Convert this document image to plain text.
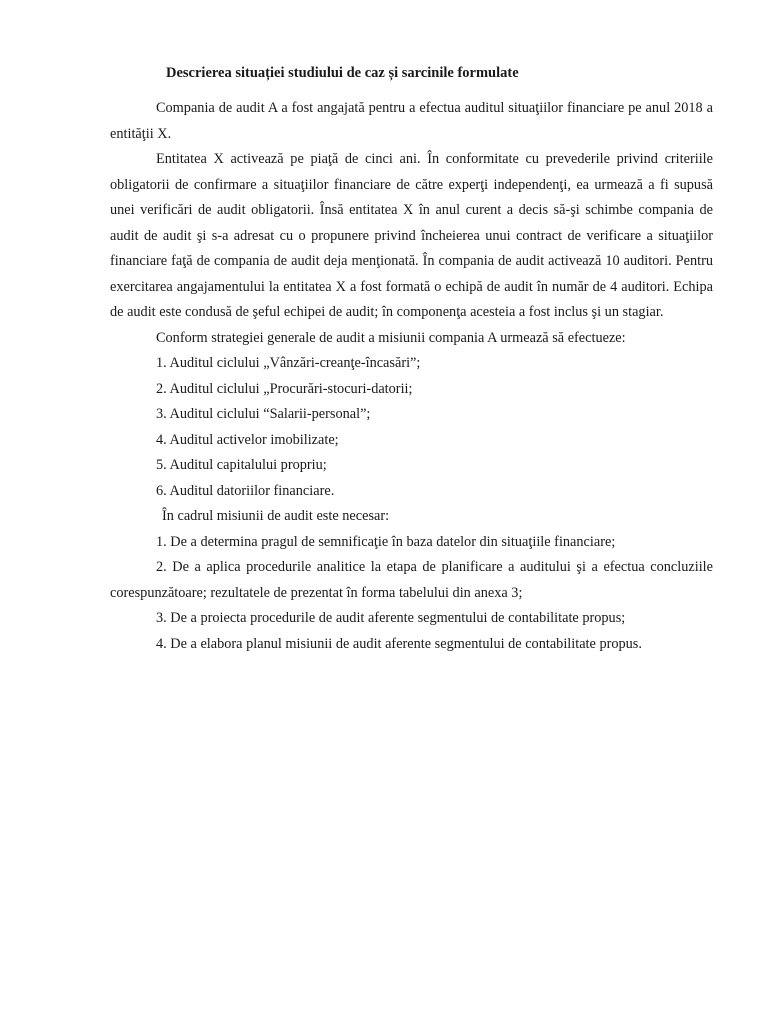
Descrierea situației studiului de caz și sarcinile formulate

Compania de audit A a fost angajată pentru a efectua auditul situaţiilor financiare pe anul 2018 a entităţii X.

Entitatea X activează pe piaţă de cinci ani. În conformitate cu prevederile privind criteriile obligatorii de confirmare a situaţiilor financiare de către experţi independenţi, ea urmează a fi supusă unei verificări de audit obligatorii. Însă entitatea X în anul curent a decis să-şi schimbe compania de audit de audit şi s-a adresat cu o propunere privind încheierea unui contract de verificare a situaţiilor financiare faţă de compania de audit deja menţionată. În compania de audit activează 10 auditori. Pentru exercitarea angajamentului la entitatea X a fost formată o echipă de audit în număr de 4 auditori. Echipa de audit este condusă de şeful echipei de audit; în componenţa acesteia a fost inclus şi un stagiar.

Conform strategiei generale de audit a misiunii compania A urmează să efectueze:

1. Auditul ciclului „Vânzări-creanţe-încasări”;

2. Auditul ciclului „Procurări-stocuri-datorii;

3. Auditul ciclului “Salarii-personal”;

4. Auditul activelor imobilizate;

5. Auditul capitalului propriu;

6. Auditul datoriilor financiare.

În cadrul misiunii de audit este necesar:

1. De a determina pragul de semnificaţie în baza datelor din situaţiile financiare;

2. De a aplica procedurile analitice la etapa de planificare a auditului şi a efectua concluziile corespunzătoare; rezultatele de prezentat în forma tabelului din anexa 3;

3. De a proiecta procedurile de audit aferente segmentului de contabilitate propus;

4. De a elabora planul misiunii de audit aferente segmentului de contabilitate propus.
